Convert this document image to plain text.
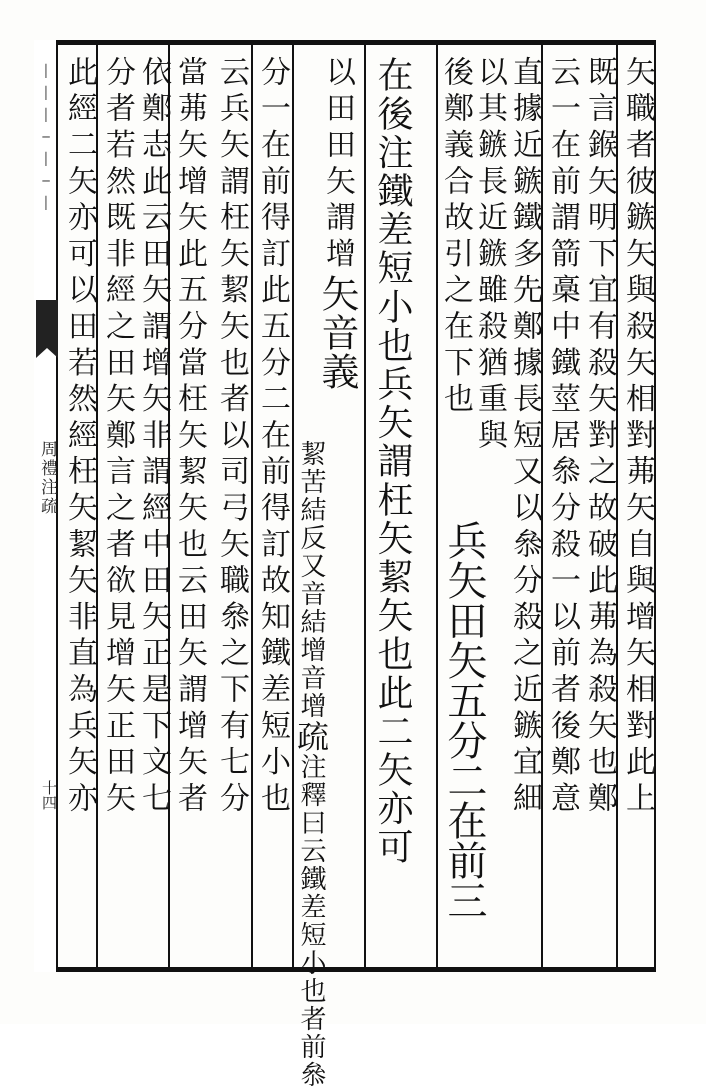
│
│
│
─
│
─
│
周禮注疏
十四	矢職者彼鏃矢與殺矢相對茀矢自與增矢相對此上
既言鍭矢明下宜有殺矢對之故破此茀為殺矢也鄭
云一在前謂箭槀中鐵莖居叅分殺一以前者後鄭意
直據近鏃鐵多先鄭據長短又以叅分殺之近鏃宜細
以其鏃長近鏃雖殺猶重與
兵矢田矢五分二在前三
後鄭義合故引之在下也
在後注鐵差短小也兵矢謂枉矢絜矢也此二矢亦可
以田田矢謂增矢音義
絜苦結反又音結增音增疏注釋曰云鐵差短小也者前叅
分一在前得訂此五分二在前得訂故知鐵差短小也
云兵矢謂枉矢絜矢也者以司弓矢職叅之下有七分
當茀矢增矢此五分當枉矢絜矢也云田矢謂增矢者
依鄭志此云田矢謂增矢非謂經中田矢正是下文七
分者若然既非經之田矢鄭言之者欲見增矢正田矢
此經二矢亦可以田若然經枉矢絜矢非直為兵矢亦
